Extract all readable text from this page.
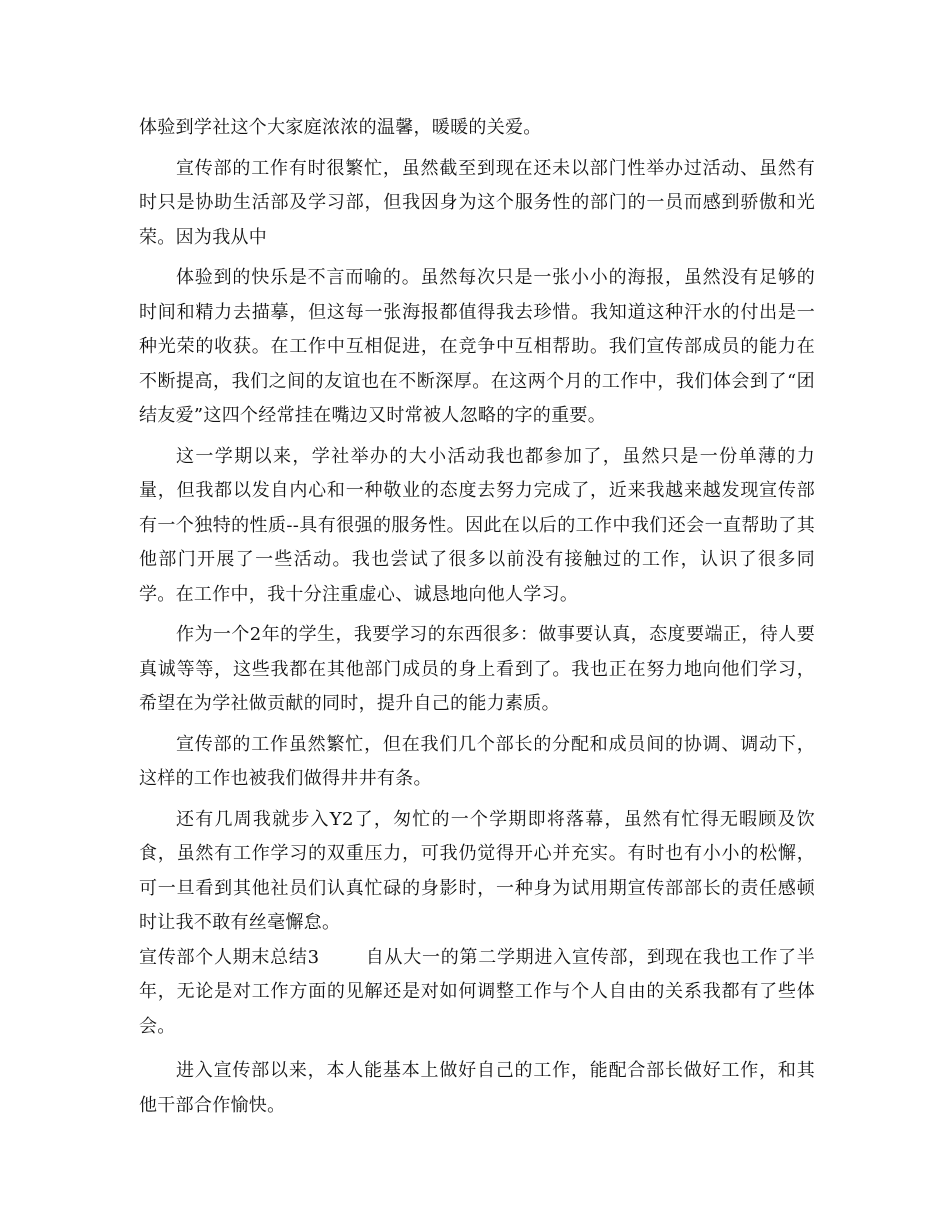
体验到学社这个大家庭浓浓的温馨，暖暖的关爱。

宣传部的工作有时很繁忙，虽然截至到现在还未以部门性举办过活动、虽然有时只是协助生活部及学习部，但我因身为这个服务性的部门的一员而感到骄傲和光荣。因为我从中

体验到的快乐是不言而喻的。虽然每次只是一张小小的海报，虽然没有足够的时间和精力去描摹，但这每一张海报都值得我去珍惜。我知道这种汗水的付出是一种光荣的收获。在工作中互相促进，在竞争中互相帮助。我们宣传部成员的能力在不断提高，我们之间的友谊也在不断深厚。在这两个月的工作中，我们体会到了“团结友爱”这四个经常挂在嘴边又时常被人忽略的字的重要。

这一学期以来，学社举办的大小活动我也都参加了，虽然只是一份单薄的力量，但我都以发自内心和一种敬业的态度去努力完成了，近来我越来越发现宣传部有一个独特的性质--具有很强的服务性。因此在以后的工作中我们还会一直帮助了其他部门开展了一些活动。我也尝试了很多以前没有接触过的工作，认识了很多同学。在工作中，我十分注重虚心、诚恳地向他人学习。

作为一个2年的学生，我要学习的东西很多：做事要认真，态度要端正，待人要真诚等等，这些我都在其他部门成员的身上看到了。我也正在努力地向他们学习，希望在为学社做贡献的同时，提升自己的能力素质。

宣传部的工作虽然繁忙，但在我们几个部长的分配和成员间的协调、调动下，这样的工作也被我们做得井井有条。

还有几周我就步入Y2了，匆忙的一个学期即将落幕，虽然有忙得无暇顾及饮食，虽然有工作学习的双重压力，可我仍觉得开心并充实。有时也有小小的松懈，可一旦看到其他社员们认真忙碌的身影时，一种身为试用期宣传部部长的责任感顿时让我不敢有丝毫懈怠。

宣传部个人期末总结3	自从大一的第二学期进入宣传部，到现在我也工作了半年，无论是对工作方面的见解还是对如何调整工作与个人自由的关系我都有了些体会。

进入宣传部以来，本人能基本上做好自己的工作，能配合部长做好工作，和其他干部合作愉快。
